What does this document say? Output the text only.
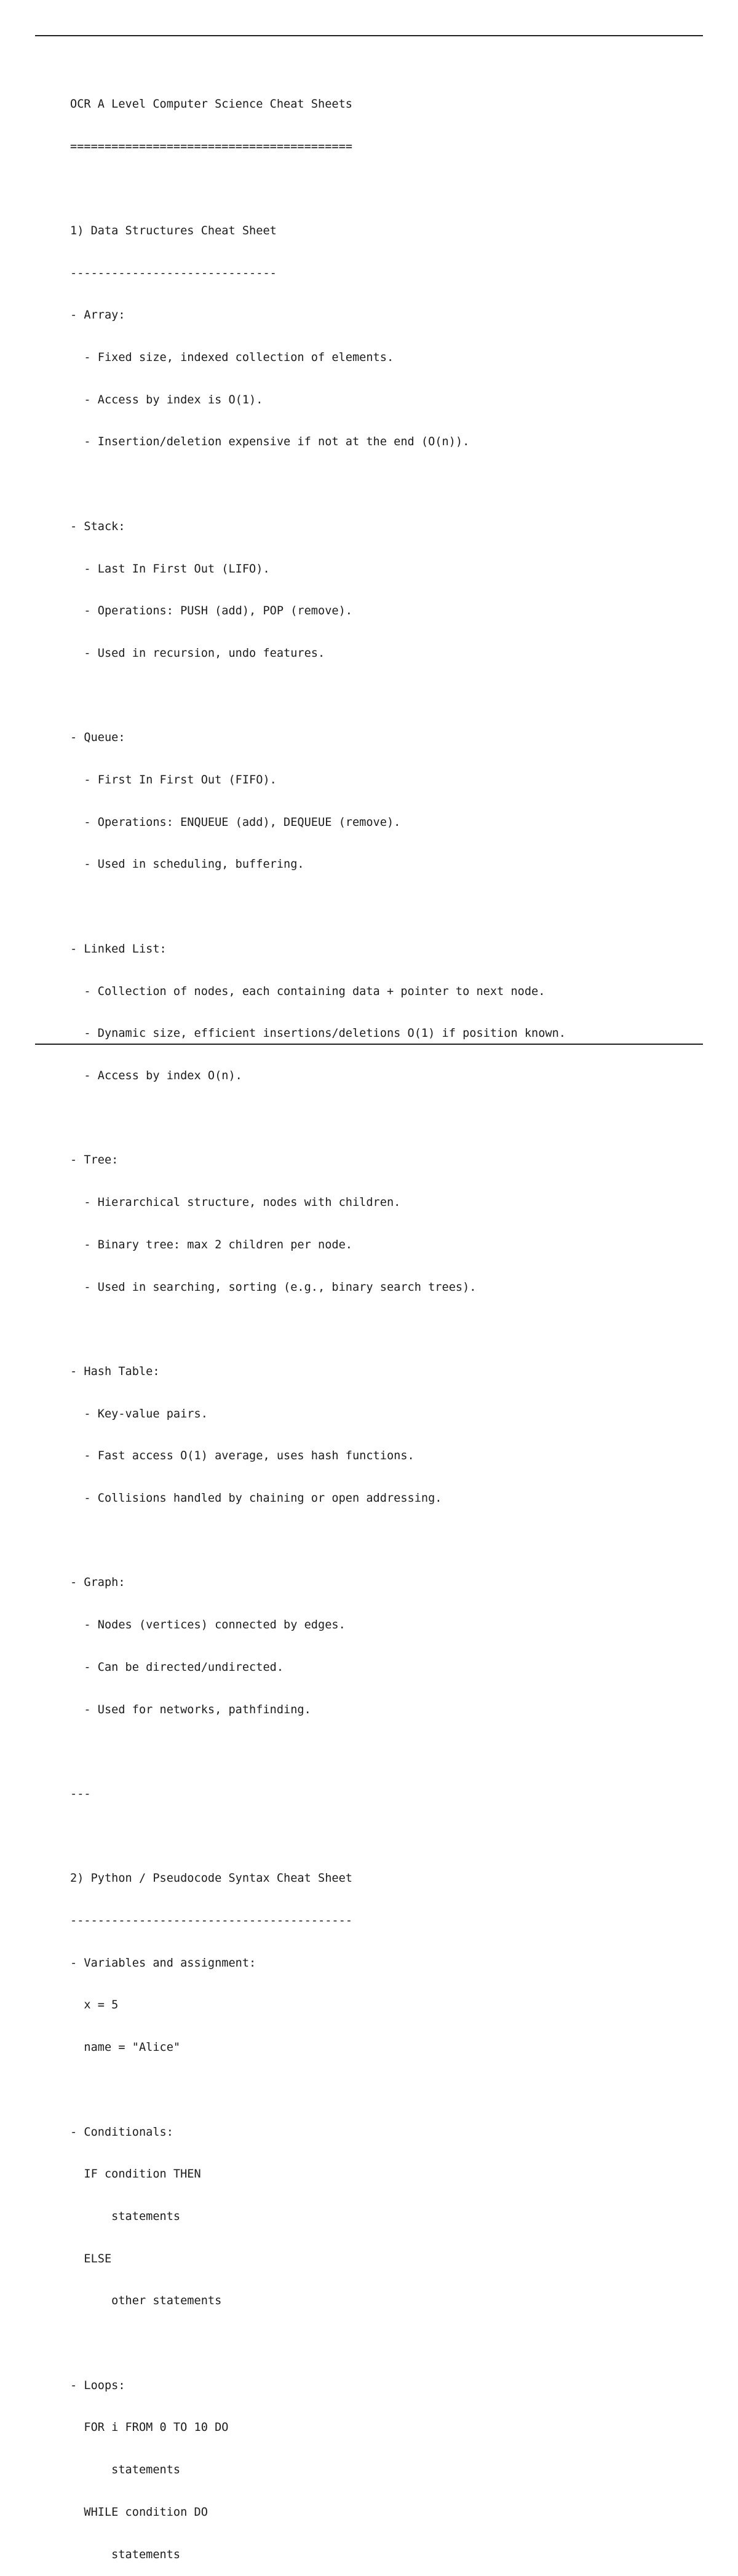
OCR A Level Computer Science Cheat Sheets

=========================================

1) Data Structures Cheat Sheet

------------------------------

- Array:

- Fixed size, indexed collection of elements.

- Access by index is O(1).

- Insertion/deletion expensive if not at the end (O(n)).

- Stack:

- Last In First Out (LIFO).

- Operations: PUSH (add), POP (remove).

- Used in recursion, undo features.

- Queue:

- First In First Out (FIFO).

- Operations: ENQUEUE (add), DEQUEUE (remove).

- Used in scheduling, buffering.

- Linked List:

- Collection of nodes, each containing data + pointer to next node.

- Dynamic size, efficient insertions/deletions O(1) if position known.

- Access by index O(n).

- Tree:

- Hierarchical structure, nodes with children.

- Binary tree: max 2 children per node.

- Used in searching, sorting (e.g., binary search trees).

- Hash Table:

- Key-value pairs.

- Fast access O(1) average, uses hash functions.

- Collisions handled by chaining or open addressing.

- Graph:

- Nodes (vertices) connected by edges.

- Can be directed/undirected.

- Used for networks, pathfinding.

---

2) Python / Pseudocode Syntax Cheat Sheet

-----------------------------------------

- Variables and assignment:

x = 5

name = "Alice"

- Conditionals:

IF condition THEN

statements

ELSE

other statements

- Loops:

FOR i FROM 0 TO 10 DO

statements

WHILE condition DO

statements
